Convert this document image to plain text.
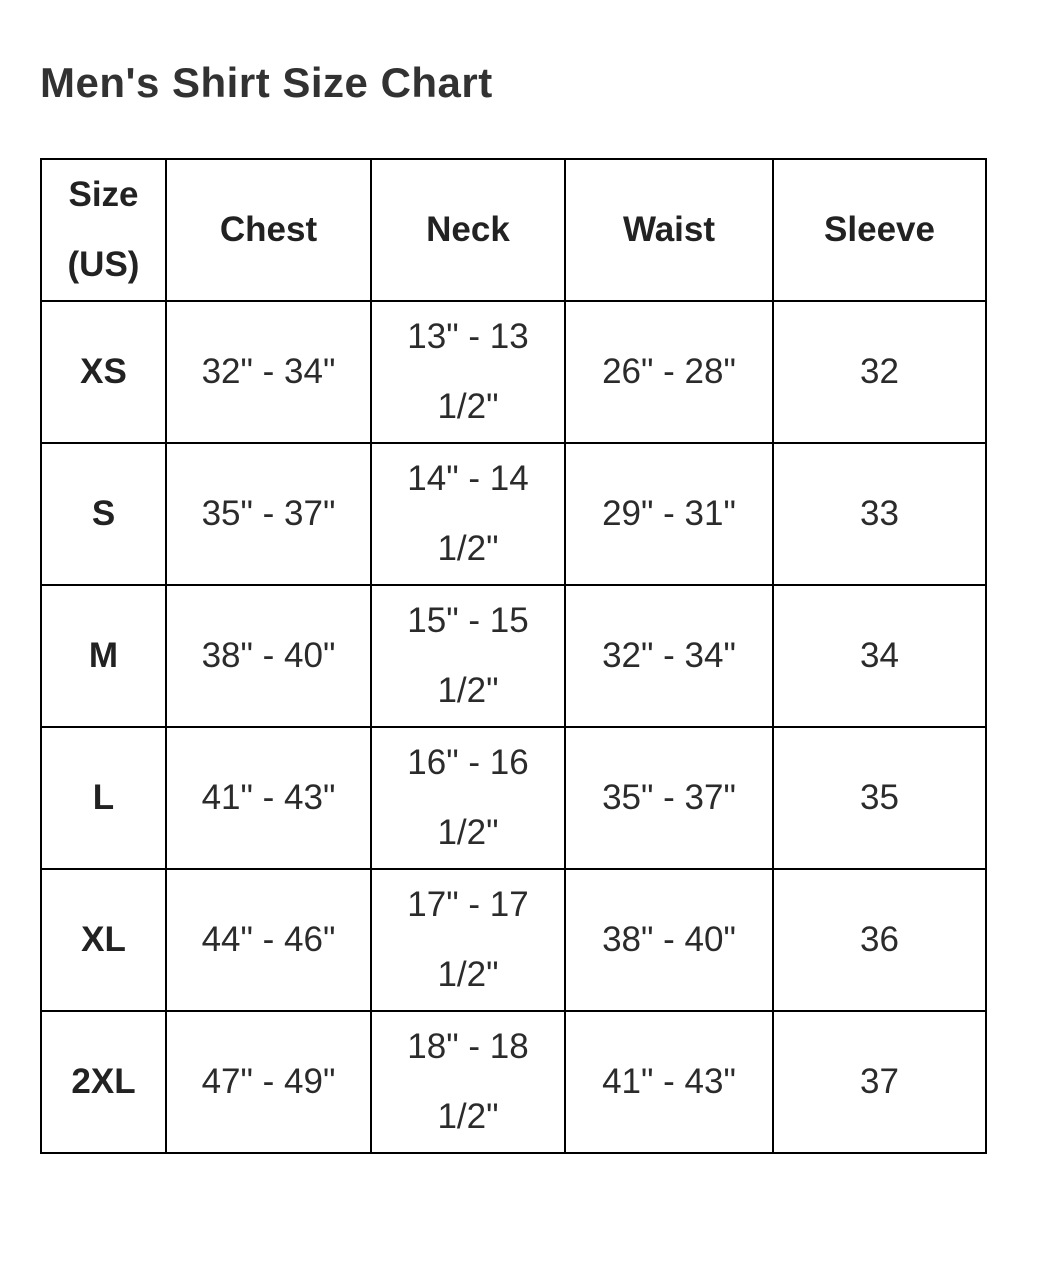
Men's Shirt Size Chart
Size (US)	Chest	Neck	Waist	Sleeve
XS	32" - 34"	13" - 13 1/2"	26" - 28"	32
S	35" - 37"	14" - 14 1/2"	29" - 31"	33
M	38" - 40"	15" - 15 1/2"	32" - 34"	34
L	41" - 43"	16" - 16 1/2"	35" - 37"	35
XL	44" - 46"	17" - 17 1/2"	38" - 40"	36
2XL	47" - 49"	18" - 18 1/2"	41" - 43"	37
